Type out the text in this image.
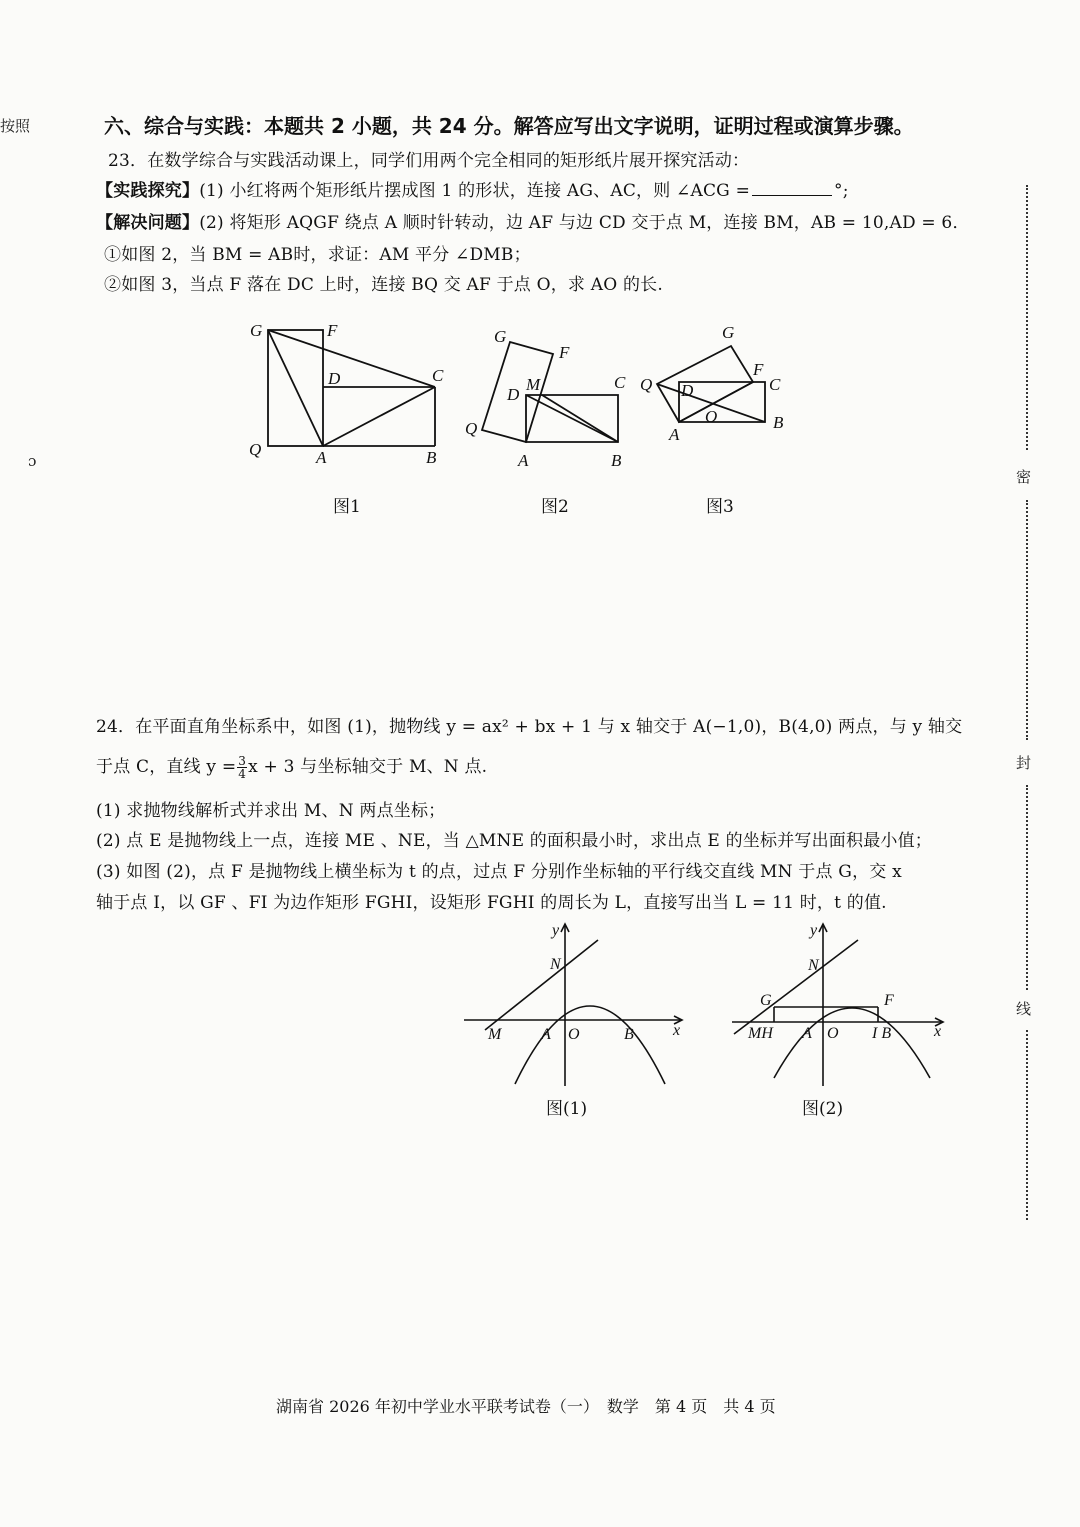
按照
ɔ
密
封
线
六、综合与实践：本题共 2 小题，共 24 分。解答应写出文字说明，证明过程或演算步骤。
23．在数学综合与实践活动课上，同学们用两个完全相同的矩形纸片展开探究活动：
【实践探究】(1) 小红将两个矩形纸片摆成图 1 的形状，连接 AG、AC，则 ∠ACG =	°;
【解决问题】(2) 将矩形 AQGF 绕点 A 顺时针转动，边 AF 与边 CD 交于点 M，连接 BM，AB = 10,AD = 6．
①如图 2，当 BM = AB时，求证：AM 平分 ∠DMB；
②如图 3，当点 F 落在 DC 上时，连接 BQ 交 AF 于点 O，求 AO 的长.
G	F
D	C
Q	A	B
图1
G
F
D
M	C
Q
A	B
图2
G
F
Q D	C
O
A
B
图3
24．在平面直角坐标系中，如图 (1)，抛物线 y = ax² + bx + 1 与 x 轴交于 A(−1,0)，B(4,0) 两点，与 y 轴交
于点 C，直线 $y = \frac{3}{4}$ x + 3 与坐标轴交于 M、N 点.
(1) 求抛物线解析式并求出 M、N 两点坐标；
(2) 点 E 是抛物线上一点，连接 ME 、NE，当 △MNE 的面积最小时，求出点 E 的坐标并写出面积最小值；
(3) 如图 (2)，点 F 是抛物线上横坐标为 t 的点，过点 F 分别作坐标轴的平行线交直线 MN 于点 G，交 x
轴于点 I，以 GF 、FI 为边作矩形 FGHI，设矩形 FGHI 的周长为 L，直接写出当 L = 11 时，t 的值.
y
N
M A O	B x
图(1)
y
N
G	F
MH A O I B	x
图(2)
湖南省 2026 年初中学业水平联考试卷（一）　数学　第 4 页　共 4 页
